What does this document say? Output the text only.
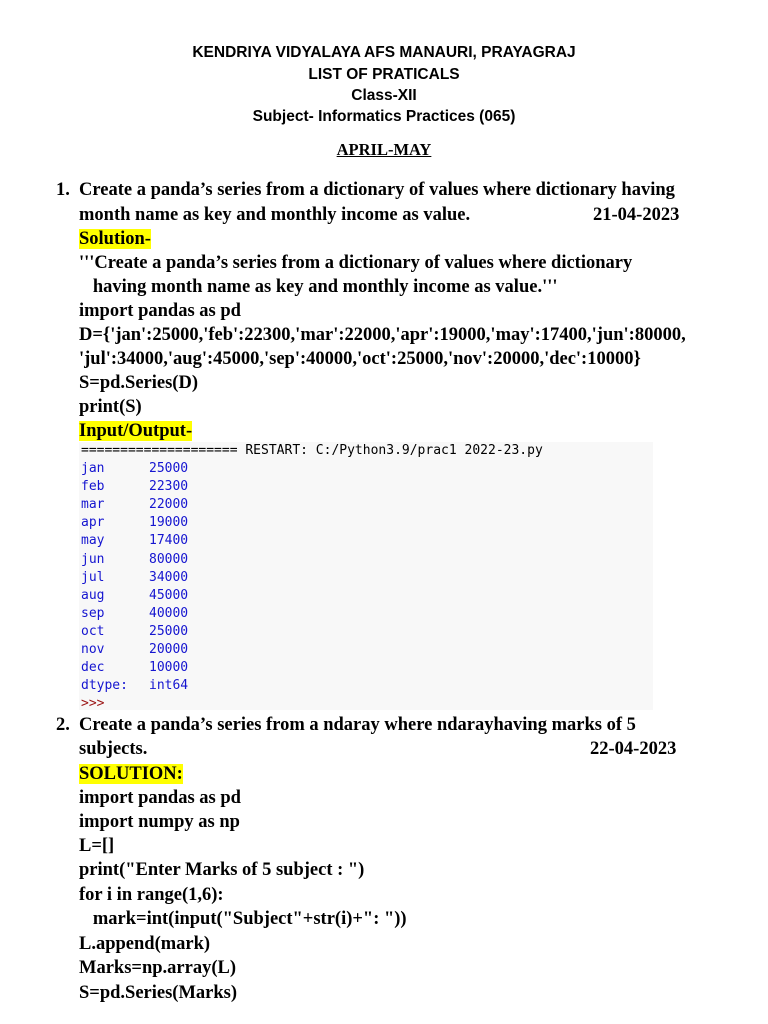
KENDRIYA VIDYALAYA AFS MANAURI, PRAYAGRAJ
LIST OF PRATICALS
Class-XII
Subject- Informatics Practices (065)
APRIL-MAY
1. Create a panda’s series from a dictionary of values where dictionary having
month name as key and monthly income as value.	21-04-2023
Solution-
'''Create a panda’s series from a dictionary of values where dictionary
having month name as key and monthly income as value.'''
import pandas as pd
D={'jan':25000,'feb':22300,'mar':22000,'apr':19000,'may':17400,'jun':80000,
'jul':34000,'aug':45000,'sep':40000,'oct':25000,'nov':20000,'dec':10000}
S=pd.Series(D)
print(S)
Input/Output-
==================== RESTART: C:/Python3.9/prac1 2022-23.py
jan	25000
feb	22300
mar	22000
apr	19000
may	17400
jun	80000
jul	34000
aug	45000
sep	40000
oct	25000
nov	20000
dec	10000
dtype:	int64
>>>
2. Create a panda’s series from a ndaray where ndarayhaving marks of 5
subjects.	22-04-2023
SOLUTION:
import pandas as pd
import numpy as np
L=[]
print("Enter Marks of 5 subject : ")
for i in range(1,6):
mark=int(input("Subject"+str(i)+": "))
L.append(mark)
Marks=np.array(L)
S=pd.Series(Marks)
